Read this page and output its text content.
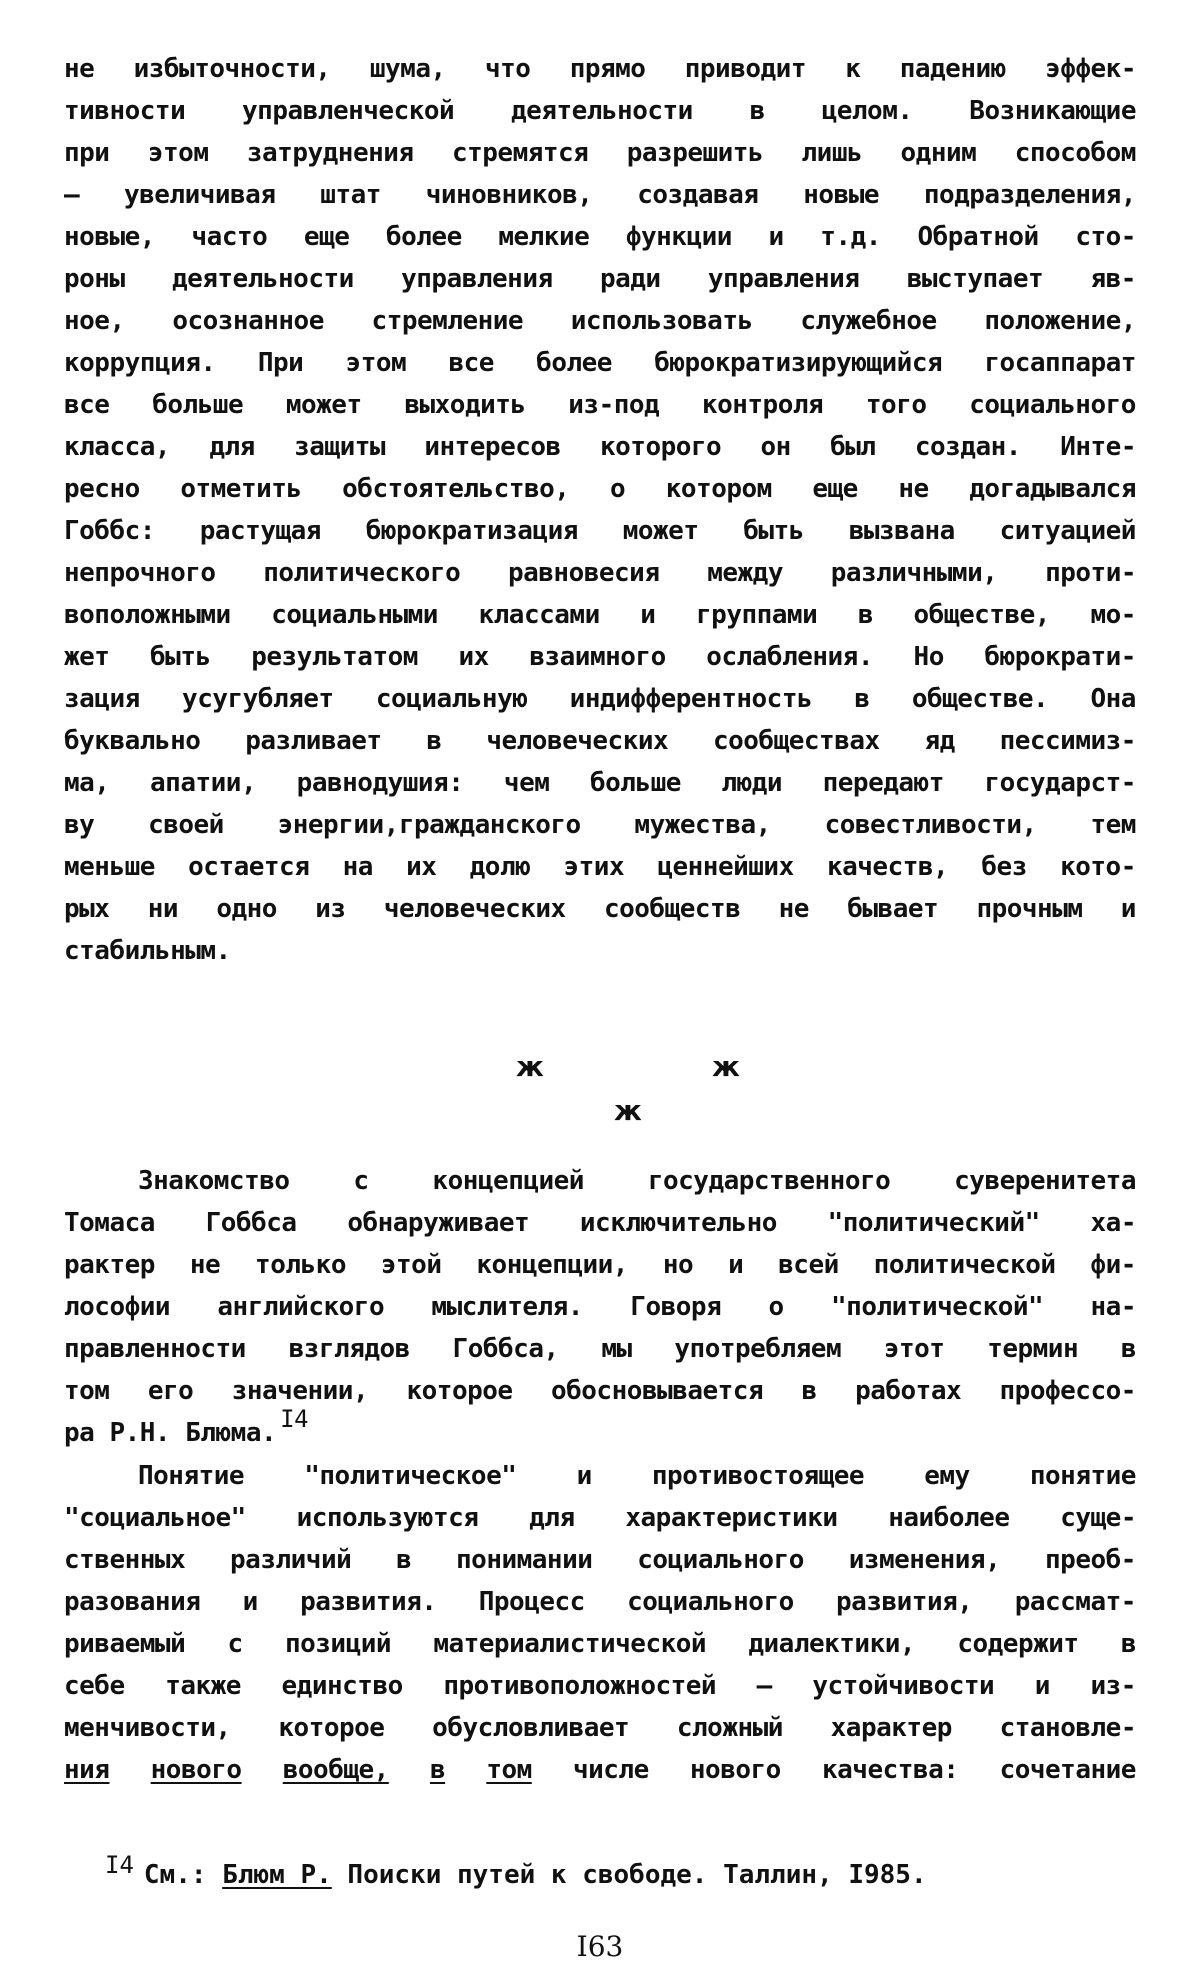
не избыточности, шума, что прямо приводит к падению эффек-
тивности управленческой деятельности в целом. Возникающие
при этом затруднения стремятся разрешить лишь одним способом
– увеличивая штат чиновников, создавая новые подразделения,
новые, часто еще более мелкие функции и т.д. Обратной сто-
роны деятельности управления ради управления выступает яв-
ное, осознанное стремление использовать служебное положение,
коррупция. При этом все более бюрократизирующийся госаппарат
все больше может выходить из-под контроля того социального
класса, для защиты интересов которого он был создан. Инте-
ресно отметить обстоятельство, о котором еще не догадывался
Гоббс: растущая бюрократизация может быть вызвана ситуацией
непрочного политического равновесия между различными, проти-
воположными социальными классами и группами в обществе, мо-
жет быть результатом их взаимного ослабления. Но бюрократи-
зация усугубляет социальную индифферентность в обществе. Она
буквально разливает в человеческих сообществах яд пессимиз-
ма, апатии, равнодушия: чем больше люди передают государст-
ву своей энергии,гражданского мужества, совестливости, тем
меньше остается на их долю этих ценнейших качеств, без кото-
рых ни одно из человеческих сообществ не бывает прочным и
стабильным.
ж	ж
ж
Знакомство с концепцией государственного суверенитета
Томаса Гоббса обнаруживает исключительно "политический" ха-
рактер не только этой концепции, но и всей политической фи-
лософии английского мыслителя. Говоря о "политической" на-
правленности взглядов Гоббса, мы употребляем этот термин в
том его значении, которое обосновывается в работах профессо-
ра Р.Н. Блюма. I4
Понятие "политическое" и противостоящее ему понятие
"социальное" используются для характеристики наиболее суще-
ственных различий в понимании социального изменения, преоб-
разования и развития. Процесс социального развития, рассмат-
риваемый с позиций материалистической диалектики, содержит в
себе также единство противоположностей – устойчивости и из-
менчивости, которое обусловливает сложный характер становле-
ния нового вообще, в том числе нового качества: сочетание
I4 См.: Блюм Р. Поиски путей к свободе. Таллин, I985.
I63
